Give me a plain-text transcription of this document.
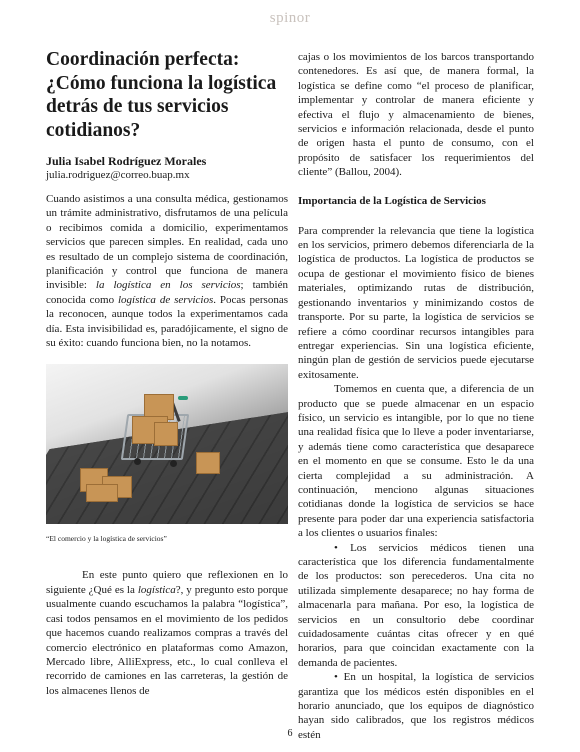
spinor
Coordinación perfecta: ¿Cómo funciona la logística detrás de tus servicios cotidianos?

Julia Isabel Rodríguez Morales

julia.rodriguez@correo.buap.mx

Cuando asistimos a una consulta médica, gestionamos un trámite administrativo, disfrutamos de una película o recibimos comida a domicilio, experimentamos servicios que parecen simples. En realidad, cada uno es resultado de un complejo sistema de coordinación, planificación y control que funciona de manera invisible: la logística en los servicios; también conocida como logística de servicios. Pocas personas la reconocen, aunque todos la experimentamos cada día. Esta invisibilidad es, paradójicamente, el signo de su éxito: cuando funciona bien, no la notamos.

“El comercio y la logística de servicios”

En este punto quiero que reflexionen en lo siguiente ¿Qué es la logística?, y pregunto esto porque usualmente cuando escuchamos la palabra “logística”, casi todos pensamos en el movimiento de los pedidos que hacemos cuando realizamos compras a través del comercio electrónico en plataformas como Amazon, Mercado libre, AlliExpress, etc., lo cual conlleva el recorrido de camiones en las carreteras, la gestión de los almacenes llenos de

cajas o los movimientos de los barcos transportando contenedores. Es así que, de manera formal, la logística se define como “el proceso de planificar, implementar y controlar de manera eficiente y efectiva el flujo y almacenamiento de bienes, servicios e información relacionada, desde el punto de origen hasta el punto de consumo, con el propósito de satisfacer los requerimientos del cliente” (Ballou, 2004).

Importancia de la Logística de Servicios

Para comprender la relevancia que tiene la logística en los servicios, primero debemos diferenciarla de la logística de productos. La logística de productos se ocupa de gestionar el movimiento físico de bienes materiales, optimizando rutas de distribución, gestionando inventarios y minimizando costos de transporte. Por su parte, la logística de servicios se refiere a cómo coordinar recursos intangibles para entregar experiencias. Sin una logística eficiente, ningún plan de gestión de servicios puede ejecutarse exitosamente.

Tomemos en cuenta que, a diferencia de un producto que se puede almacenar en un espacio físico, un servicio es intangible, por lo que no tiene una realidad física que lo lleve a poder inventariarse, y además tiene como característica que desaparece en el momento en que se consume. Esto le da una cierta complejidad a su administración. A continuación, menciono algunas situaciones cotidianas donde la logística de servicios se hace presente para poder dar una experiencia satisfactoria a los clientes o usuarios finales:

• Los servicios médicos tienen una característica que los diferencia fundamentalmente de los productos: son perecederos. Una cita no utilizada simplemente desaparece; no hay forma de almacenarla para mañana. Por eso, la logística de servicios en un consultorio debe coordinar cuidadosamente cuántas citas ofrecer y en qué horarios, para que coincidan exactamente con la demanda de pacientes.

• En un hospital, la logística de servicios garantiza que los médicos estén disponibles en el horario anunciado, que los equipos de diagnóstico hayan sido calibrados, que los registros médicos estén

6
